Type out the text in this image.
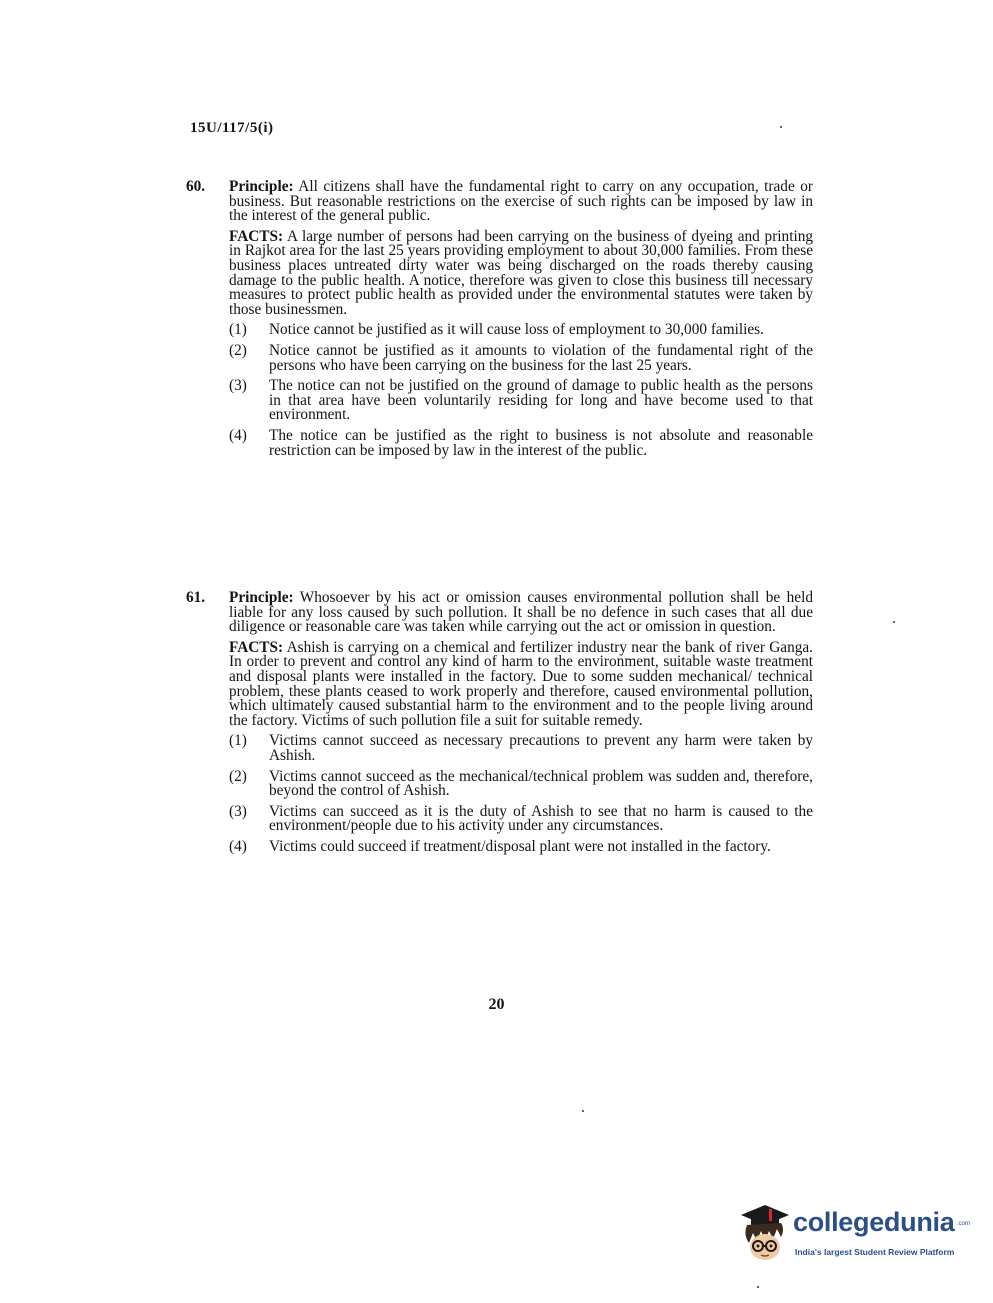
15U/117/5(i)
60. Principle: All citizens shall have the fundamental right to carry on any occupation, trade or business. But reasonable restrictions on the exercise of such rights can be imposed by law in the interest of the general public.

FACTS: A large number of persons had been carrying on the business of dyeing and printing in Rajkot area for the last 25 years providing employment to about 30,000 families. From these business places untreated dirty water was being discharged on the roads thereby causing damage to the public health. A notice, therefore was given to close this business till necessary measures to protect public health as provided under the environmental statutes were taken by those businessmen.

(1) Notice cannot be justified as it will cause loss of employment to 30,000 families.
(2) Notice cannot be justified as it amounts to violation of the fundamental right of the persons who have been carrying on the business for the last 25 years.
(3) The notice can not be justified on the ground of damage to public health as the persons in that area have been voluntarily residing for long and have become used to that environment.
(4) The notice can be justified as the right to business is not absolute and reasonable restriction can be imposed by law in the interest of the public.
61. Principle: Whosoever by his act or omission causes environmental pollution shall be held liable for any loss caused by such pollution. It shall be no defence in such cases that all due diligence or reasonable care was taken while carrying out the act or omission in question.

FACTS: Ashish is carrying on a chemical and fertilizer industry near the bank of river Ganga. In order to prevent and control any kind of harm to the environment, suitable waste treatment and disposal plants were installed in the factory. Due to some sudden mechanical/ technical problem, these plants ceased to work properly and therefore, caused environmental pollution, which ultimately caused substantial harm to the environment and to the people living around the factory. Victims of such pollution file a suit for suitable remedy.

(1) Victims cannot succeed as necessary precautions to prevent any harm were taken by Ashish.
(2) Victims cannot succeed as the mechanical/technical problem was sudden and, therefore, beyond the control of Ashish.
(3) Victims can succeed as it is the duty of Ashish to see that no harm is caused to the environment/people due to his activity under any circumstances.
(4) Victims could succeed if treatment/disposal plant were not installed in the factory.
20
collegedunia .com
India's largest Student Review Platform
